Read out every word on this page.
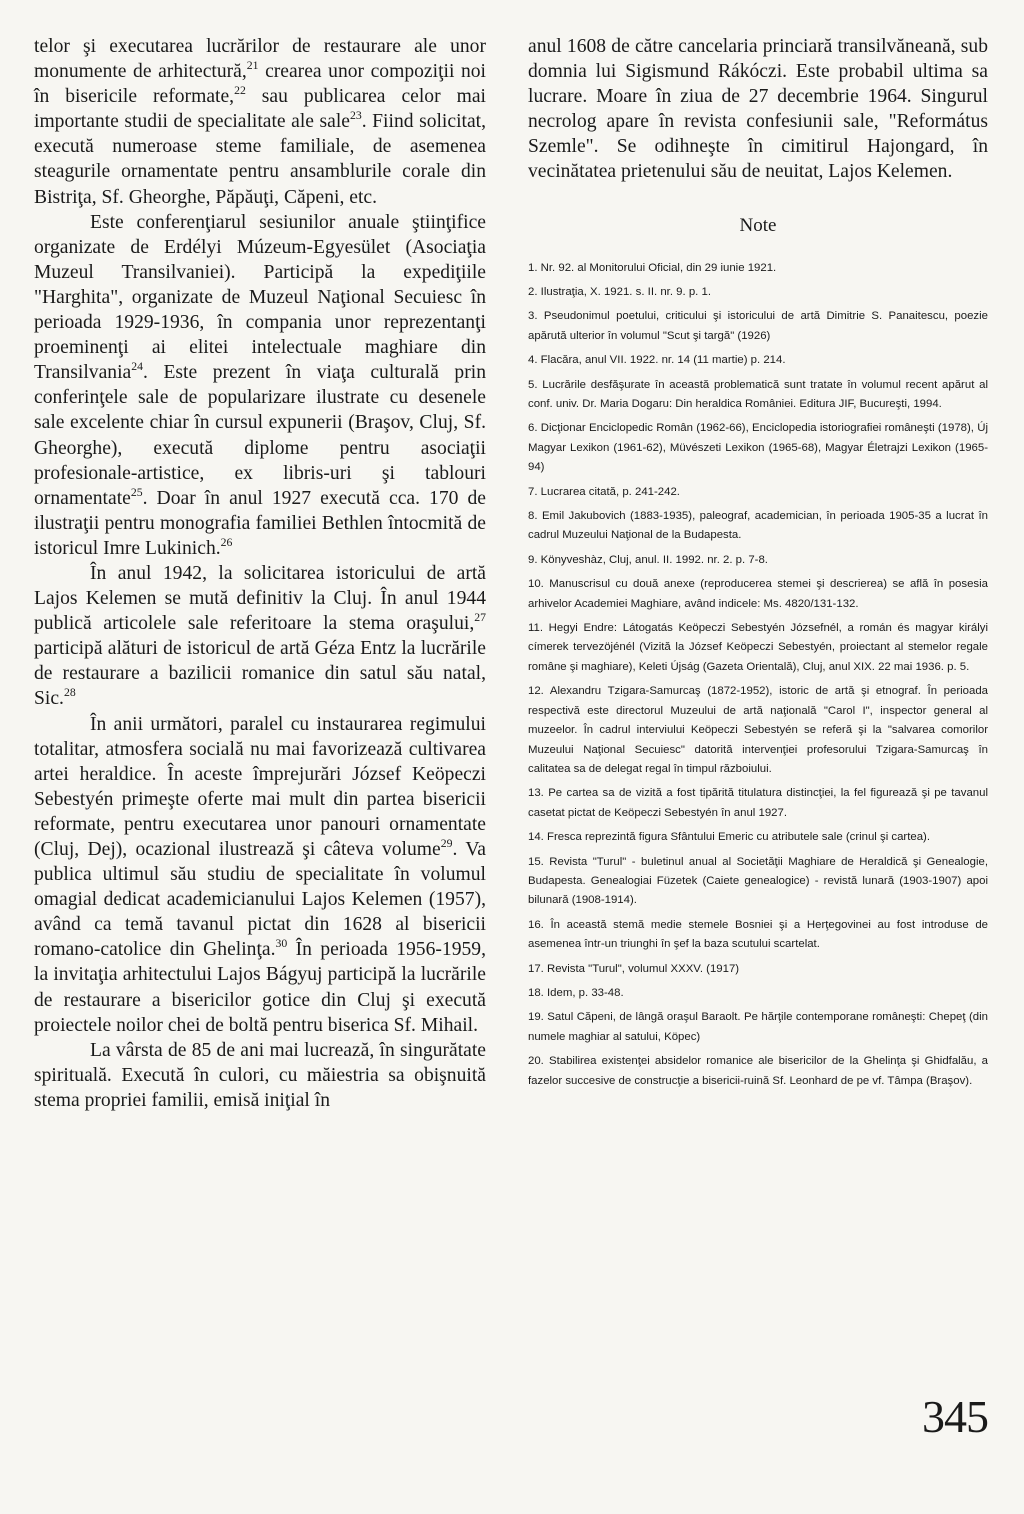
telor şi executarea lucrărilor de restaurare ale unor monumente de arhitectură,$^{21}$ crearea unor compoziţii noi în bisericile reformate,$^{22}$ sau publicarea celor mai importante studii de specialitate ale sale$^{23}$. Fiind solicitat, execută numeroase steme familiale, de asemenea steagurile ornamentate pentru ansamblurile corale din Bistriţa, Sf. Gheorghe, Păpăuţi, Căpeni, etc.

Este conferenţiarul sesiunilor anuale ştiinţifice organizate de Erdélyi Múzeum-Egyesület (Asociaţia Muzeul Transilvaniei). Participă la expediţiile "Harghita", organizate de Muzeul Naţional Secuiesc în perioada 1929-1936, în compania unor reprezentanţi proeminenţi ai elitei intelectuale maghiare din Transilvania$^{24}$. Este prezent în viaţa culturală prin conferinţele sale de popularizare ilustrate cu desenele sale excelente chiar în cursul expunerii (Braşov, Cluj, Sf. Gheorghe), execută diplome pentru asociaţii profesionale-artistice, ex libris-uri şi tablouri ornamentate$^{25}$. Doar în anul 1927 execută cca. 170 de ilustraţii pentru monografia familiei Bethlen întocmită de istoricul Imre Lukinich.$^{26}$

În anul 1942, la solicitarea istoricului de artă Lajos Kelemen se mută definitiv la Cluj. În anul 1944 publică articolele sale referitoare la stema oraşului,$^{27}$ participă alături de istoricul de artă Géza Entz la lucrările de restaurare a bazilicii romanice din satul său natal, Sic.$^{28}$

În anii următori, paralel cu instaurarea regimului totalitar, atmosfera socială nu mai favorizează cultivarea artei heraldice. În aceste împrejurări József Keöpeczi Sebestyén primeşte oferte mai mult din partea bisericii reformate, pentru executarea unor panouri ornamentate (Cluj, Dej), ocazional ilustrează şi câteva volume$^{29}$. Va publica ultimul său studiu de specialitate în volumul omagial dedicat academicianului Lajos Kelemen (1957), având ca temă tavanul pictat din 1628 al bisericii romano-catolice din Ghelinţa.$^{30}$ În perioada 1956-1959, la invitaţia arhitectului Lajos Bágyuj participă la lucrările de restaurare a bisericilor gotice din Cluj şi execută proiectele noilor chei de boltă pentru biserica Sf. Mihail.

La vârsta de 85 de ani mai lucrează, în singurătate spirituală. Execută în culori, cu măiestria sa obişnuită stema propriei familii, emisă iniţial în

anul 1608 de către cancelaria princiară transilvăneană, sub domnia lui Sigismund Rákóczi. Este probabil ultima sa lucrare. Moare în ziua de 27 decembrie 1964. Singurul necrolog apare în revista confesiunii sale, "Református Szemle". Se odihneşte în cimitirul Hajongard, în vecinătatea prietenului său de neuitat, Lajos Kelemen.

Note
1. Nr. 92. al Monitorului Oficial, din 29 iunie 1921.
2. Ilustraţia, X. 1921. s. II. nr. 9. p. 1.
3. Pseudonimul poetului, criticului şi istoricului de artă Dimitrie S. Panaitescu, poezie apărută ulterior în volumul "Scut şi targă" (1926)
4. Flacăra, anul VII. 1922. nr. 14 (11 martie) p. 214.
5. Lucrările desfăşurate în această problematică sunt tratate în volumul recent apărut al conf. univ. Dr. Maria Dogaru: Din heraldica României. Editura JIF, Bucureşti, 1994.
6. Dicţionar Enciclopedic Român (1962-66), Enciclopedia istoriografiei româneşti (1978), Új Magyar Lexikon (1961-62), Müvészeti Lexikon (1965-68), Magyar Életrajzi Lexikon (1965-94)
7. Lucrarea citată, p. 241-242.
8. Emil Jakubovich (1883-1935), paleograf, academician, în perioada 1905-35 a lucrat în cadrul Muzeului Naţional de la Budapesta.
9. Könyveshàz, Cluj, anul. II. 1992. nr. 2. p. 7-8.
10. Manuscrisul cu două anexe (reproducerea stemei şi descrierea) se află în posesia arhivelor Academiei Maghiare, având indicele: Ms. 4820/131-132.
11. Hegyi Endre: Látogatás Keöpeczi Sebestyén Józsefnél, a román és magyar királyi címerek tervezöjénél (Vizită la József Keöpeczi Sebestyén, proiectant al stemelor regale române şi maghiare), Keleti Újság (Gazeta Orientală), Cluj, anul XIX. 22 mai 1936. p. 5.
12. Alexandru Tzigara-Samurcaş (1872-1952), istoric de artă şi etnograf. În perioada respectivă este directorul Muzeului de artă naţională "Carol I", inspector general al muzeelor. În cadrul interviului Keöpeczi Sebestyén se referă şi la "salvarea comorilor Muzeului Naţional Secuiesc" datorită intervenţiei profesorului Tzigara-Samurcaş în calitatea sa de delegat regal în timpul războiului.
13. Pe cartea sa de vizită a fost tipărită titulatura distincţiei, la fel figurează şi pe tavanul casetat pictat de Keöpeczi Sebestyén în anul 1927.
14. Fresca reprezintă figura Sfântului Emeric cu atributele sale (crinul şi cartea).
15. Revista "Turul" - buletinul anual al Societăţii Maghiare de Heraldică şi Genealogie, Budapesta. Genealogiai Füzetek (Caiete genealogice) - revistă lunară (1903-1907) apoi bilunară (1908-1914).
16. În această stemă medie stemele Bosniei şi a Herţegovinei au fost introduse de asemenea într-un triunghi în şef la baza scutului scartelat.
17. Revista "Turul", volumul XXXV. (1917)
18. Idem, p. 33-48.
19. Satul Căpeni, de lângă oraşul Baraolt. Pe hărţile contemporane româneşti: Chepeţ (din numele maghiar al satului, Köpec)
20. Stabilirea existenţei absidelor romanice ale bisericilor de la Ghelinţa şi Ghidfalău, a fazelor succesive de construcţie a bisericii-ruină Sf. Leonhard de pe vf. Tâmpa (Braşov).
345
